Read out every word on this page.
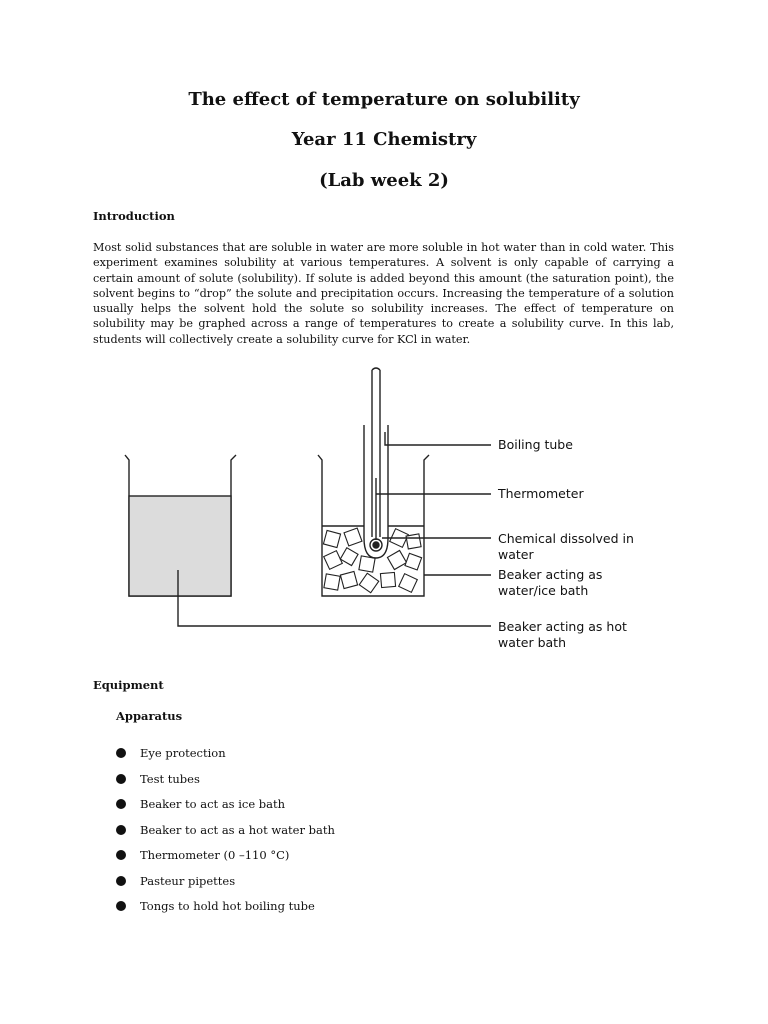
The effect of temperature on solubility
Year 11 Chemistry
(Lab week 2)
Introduction

Most solid substances that are soluble in water are more soluble in hot water than in cold water. This experiment examines solubility at various temperatures. A solvent is only capable of carrying a certain amount of solute (solubility). If solute is added beyond this amount (the saturation point), the solvent begins to “drop” the solute and precipitation occurs. Increasing the temperature of a solution usually helps the solvent hold the solute so solubility increases. The effect of temperature on solubility may be graphed across a range of temperatures to create a solubility curve. In this lab, students will collectively create a solubility curve for KCl in water.

Boiling tube
Thermometer
Chemical dissolved in
water
Beaker acting as
water/ice bath
Beaker acting as hot
water bath
Equipment
Apparatus
Eye protection
Test tubes
Beaker to act as ice bath
Beaker to act as a hot water bath
Thermometer (0 –110 °C)
Pasteur pipettes
Tongs to hold hot boiling tube
